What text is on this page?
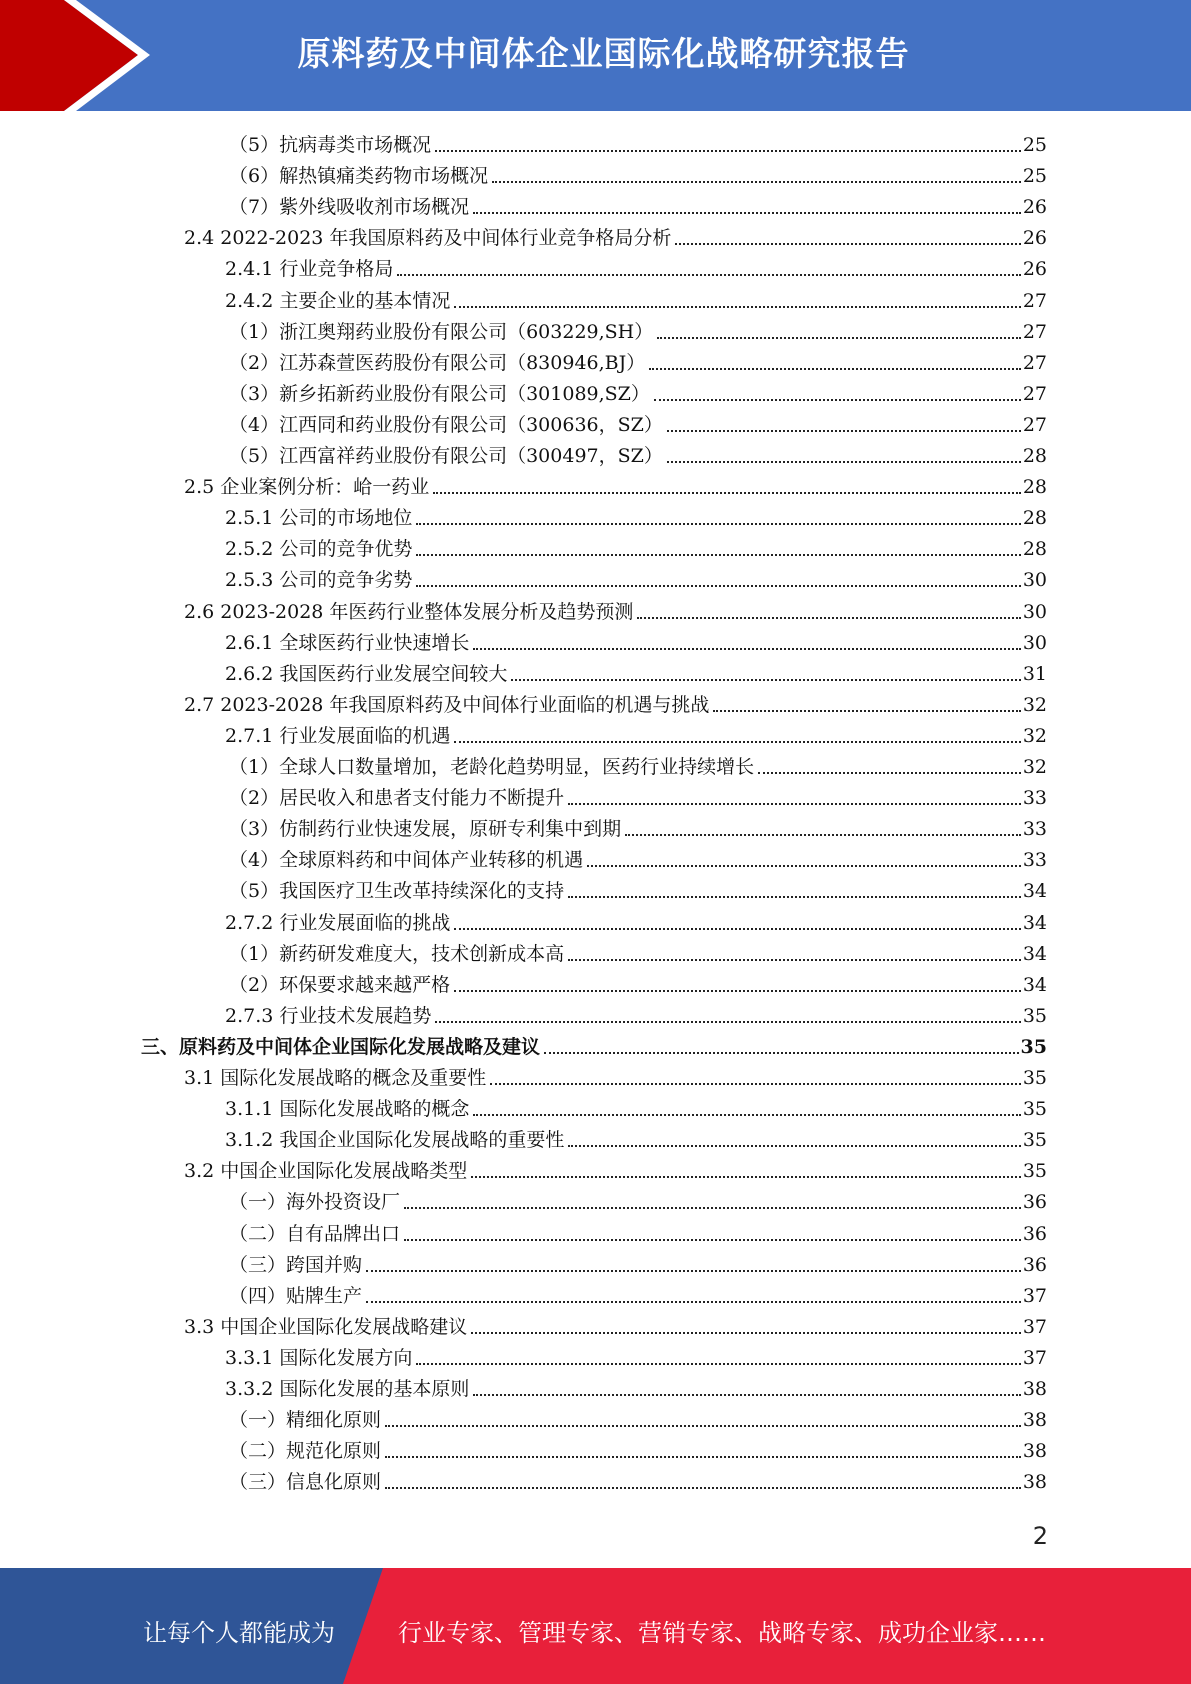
原料药及中间体企业国际化战略研究报告
（5）抗病毒类市场概况	25
（6）解热镇痛类药物市场概况	25
（7）紫外线吸收剂市场概况	26
2.4 2022-2023 年我国原料药及中间体行业竞争格局分析	26
2.4.1 行业竞争格局	26
2.4.2 主要企业的基本情况	27
（1）浙江奥翔药业股份有限公司（603229,SH）	27
（2）江苏森萱医药股份有限公司（830946,BJ）	27
（3）新乡拓新药业股份有限公司（301089,SZ）	27
（4）江西同和药业股份有限公司（300636，SZ）	27
（5）江西富祥药业股份有限公司（300497，SZ）	28
2.5 企业案例分析：峆一药业	28
2.5.1 公司的市场地位	28
2.5.2 公司的竞争优势	28
2.5.3 公司的竞争劣势	30
2.6 2023-2028 年医药行业整体发展分析及趋势预测	30
2.6.1 全球医药行业快速增长	30
2.6.2 我国医药行业发展空间较大	31
2.7 2023-2028 年我国原料药及中间体行业面临的机遇与挑战	32
2.7.1 行业发展面临的机遇	32
（1）全球人口数量增加，老龄化趋势明显，医药行业持续增长	32
（2）居民收入和患者支付能力不断提升	33
（3）仿制药行业快速发展，原研专利集中到期	33
（4）全球原料药和中间体产业转移的机遇	33
（5）我国医疗卫生改革持续深化的支持	34
2.7.2 行业发展面临的挑战	34
（1）新药研发难度大，技术创新成本高	34
（2）环保要求越来越严格	34
2.7.3 行业技术发展趋势	35
三、原料药及中间体企业国际化发展战略及建议	35
3.1 国际化发展战略的概念及重要性	35
3.1.1 国际化发展战略的概念	35
3.1.2 我国企业国际化发展战略的重要性	35
3.2 中国企业国际化发展战略类型	35
（一）海外投资设厂	36
（二）自有品牌出口	36
（三）跨国并购	36
（四）贴牌生产	37
3.3 中国企业国际化发展战略建议	37
3.3.1 国际化发展方向	37
3.3.2 国际化发展的基本原则	38
（一）精细化原则	38
（二）规范化原则	38
（三）信息化原则	38
2
让每个人都能成为	行业专家、管理专家、营销专家、战略专家、成功企业家……
